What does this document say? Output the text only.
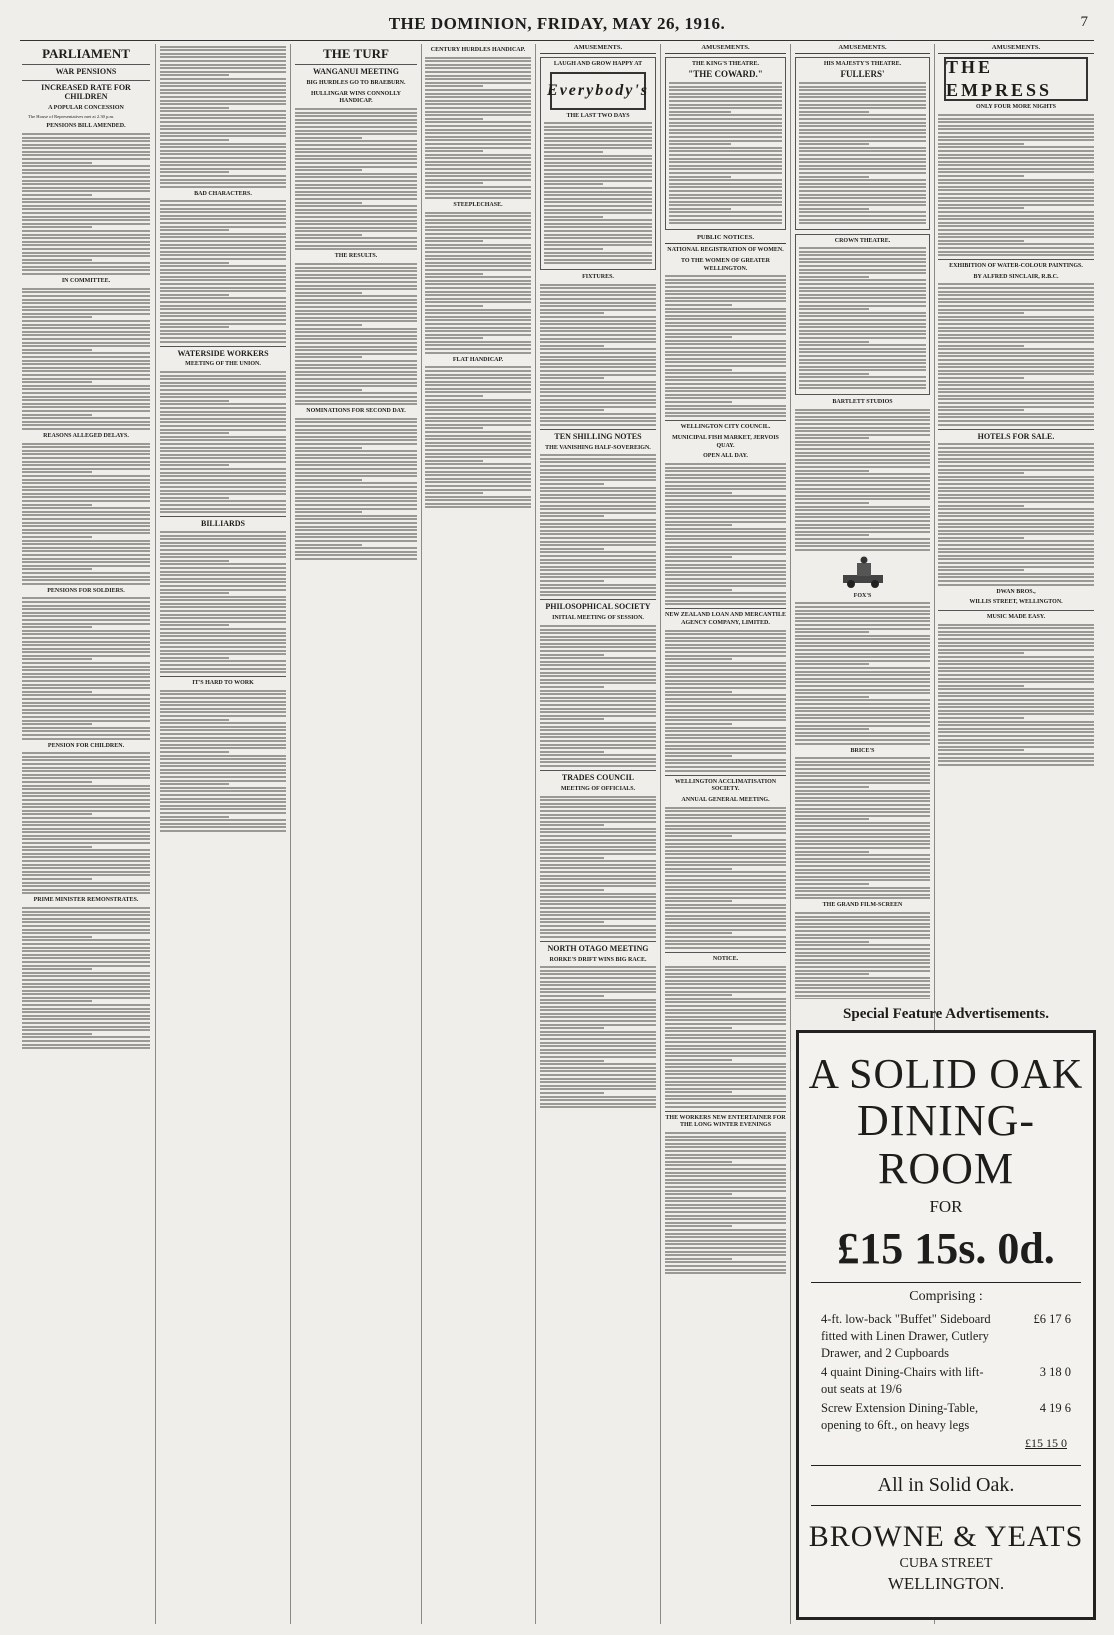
THE DOMINION, FRIDAY, MAY 26, 1916.	7
PARLIAMENT
WAR PENSIONS
INCREASED RATE FOR CHILDREN
A POPULAR CONCESSION
The House of Representatives met at 2.30 p.m.
PENSIONS BILL AMENDED.
IN COMMITTEE.
REASONS ALLEGED DELAYS.
PENSIONS FOR SOLDIERS.
PENSION FOR CHILDREN.
PRIME MINISTER REMONSTRATES.
BAD CHARACTERS.
WATERSIDE WORKERS
MEETING OF THE UNION.
BILLIARDS
IT'S HARD TO WORK
THE TURF
WANGANUI MEETING
BIG HURDLES GO TO BRAEBURN.
HULLINGAR WINS CONNOLLY HANDICAP.
THE RESULTS.
NOMINATIONS FOR SECOND DAY.
CENTURY HURDLES HANDICAP.
STEEPLECHASE.
FLAT HANDICAP.
AMUSEMENTS.
LAUGH AND GROW HAPPY AT
Everybody's
THE LAST TWO DAYS
FIXTURES.
TEN SHILLING NOTES
THE VANISHING HALF-SOVEREIGN.
PHILOSOPHICAL SOCIETY
INITIAL MEETING OF SESSION.
TRADES COUNCIL
MEETING OF OFFICIALS.
NORTH OTAGO MEETING
RORKE'S DRIFT WINS BIG RACE.
AMUSEMENTS.
THE KING'S THEATRE.
"THE COWARD."
PUBLIC NOTICES.
NATIONAL REGISTRATION OF WOMEN.
TO THE WOMEN OF GREATER WELLINGTON.
WELLINGTON CITY COUNCIL.
MUNICIPAL FISH MARKET, JERVOIS QUAY.
OPEN ALL DAY.
NEW ZEALAND LOAN AND MERCANTILE AGENCY COMPANY, LIMITED.
WELLINGTON ACCLIMATISATION SOCIETY.
ANNUAL GENERAL MEETING.
NOTICE.
THE WORKERS NEW ENTERTAINER FOR THE LONG WINTER EVENINGS
AMUSEMENTS.
HIS MAJESTY'S THEATRE.
FULLERS'
CROWN THEATRE.
BARTLETT STUDIOS
FOX'S
BRICE'S
THE GRAND FILM-SCREEN
AMUSEMENTS.
THE EMPRESS
ONLY FOUR MORE NIGHTS
EXHIBITION OF WATER-COLOUR PAINTINGS.
BY ALFRED SINCLAIR, R.B.C.
HOTELS FOR SALE.
DWAN BROS.,
WILLIS STREET, WELLINGTON.
MUSIC MADE EASY.
Special Feature Advertisements.
A SOLID OAK
DINING-ROOM
FOR
£15 15s. 0d.
Comprising :
4-ft. low-back "Buffet" Sideboard fitted with Linen Drawer, Cutlery Drawer, and 2 Cupboards
£6 17 6
4 quaint Dining-Chairs with lift-out seats at 19/6
3 18 0
Screw Extension Dining-Table, opening to 6ft., on heavy legs
4 19 6
£15 15 0
All in Solid Oak.
BROWNE & YEATS
CUBA STREET
WELLINGTON.
